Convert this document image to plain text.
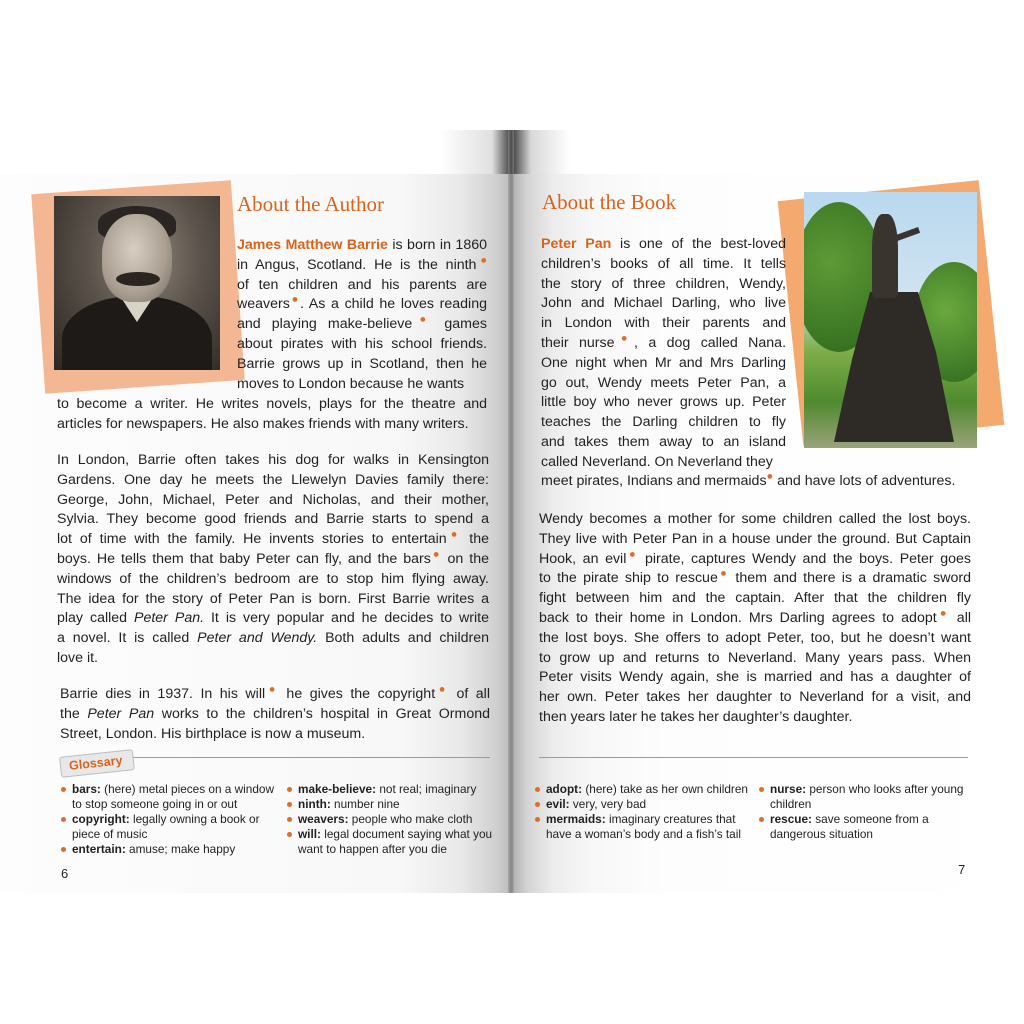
About the Author
James Matthew Barrie is born in 1860
in Angus, Scotland. He is the ninth●
of ten children and his parents are
weavers●. As a child he loves reading
and playing make-believe● games
about pirates with his school friends.
Barrie grows up in Scotland, then he
moves to London because he wants
to become a writer. He writes novels, plays for the theatre and
articles for newspapers. He also makes friends with many writers.
In London, Barrie often takes his dog for walks in Kensington
Gardens. One day he meets the Llewelyn Davies family there:
George, John, Michael, Peter and Nicholas, and their mother,
Sylvia. They become good friends and Barrie starts to spend a
lot of time with the family. He invents stories to entertain● the
boys. He tells them that baby Peter can fly, and the bars● on the
windows of the children’s bedroom are to stop him flying away.
The idea for the story of Peter Pan is born. First Barrie writes a
play called Peter Pan. It is very popular and he decides to write
a novel. It is called Peter and Wendy. Both adults and children
love it.
Barrie dies in 1937. In his will● he gives the copyright● of all
the Peter Pan works to the children’s hospital in Great Ormond
Street, London. His birthplace is now a museum.
Glossary
bars: (here) metal pieces on a window
to stop someone going in or out
copyright: legally owning a book or
piece of music
entertain: amuse; make happy
make-believe: not real; imaginary
ninth: number nine
weavers: people who make cloth
will: legal document saying what you
want to happen after you die
6
About the Book
Peter Pan is one of the best-loved
children’s books of all time. It tells
the story of three children, Wendy,
John and Michael Darling, who live
in London with their parents and
their nurse●, a dog called Nana.
One night when Mr and Mrs Darling
go out, Wendy meets Peter Pan, a
little boy who never grows up. Peter
teaches the Darling children to fly
and takes them away to an island
called Neverland. On Neverland they
meet pirates, Indians and mermaids● and have lots of adventures.
Wendy becomes a mother for some children called the lost boys.
They live with Peter Pan in a house under the ground. But Captain
Hook, an evil● pirate, captures Wendy and the boys. Peter goes
to the pirate ship to rescue● them and there is a dramatic sword
fight between him and the captain. After that the children fly
back to their home in London. Mrs Darling agrees to adopt● all
the lost boys. She offers to adopt Peter, too, but he doesn’t want
to grow up and returns to Neverland. Many years pass. When
Peter visits Wendy again, she is married and has a daughter of
her own. Peter takes her daughter to Neverland for a visit, and
then years later he takes her daughter’s daughter.
adopt: (here) take as her own children
evil: very, very bad
mermaids: imaginary creatures that
have a woman’s body and a fish’s tail
nurse: person who looks after young
children
rescue: save someone from a
dangerous situation
7
